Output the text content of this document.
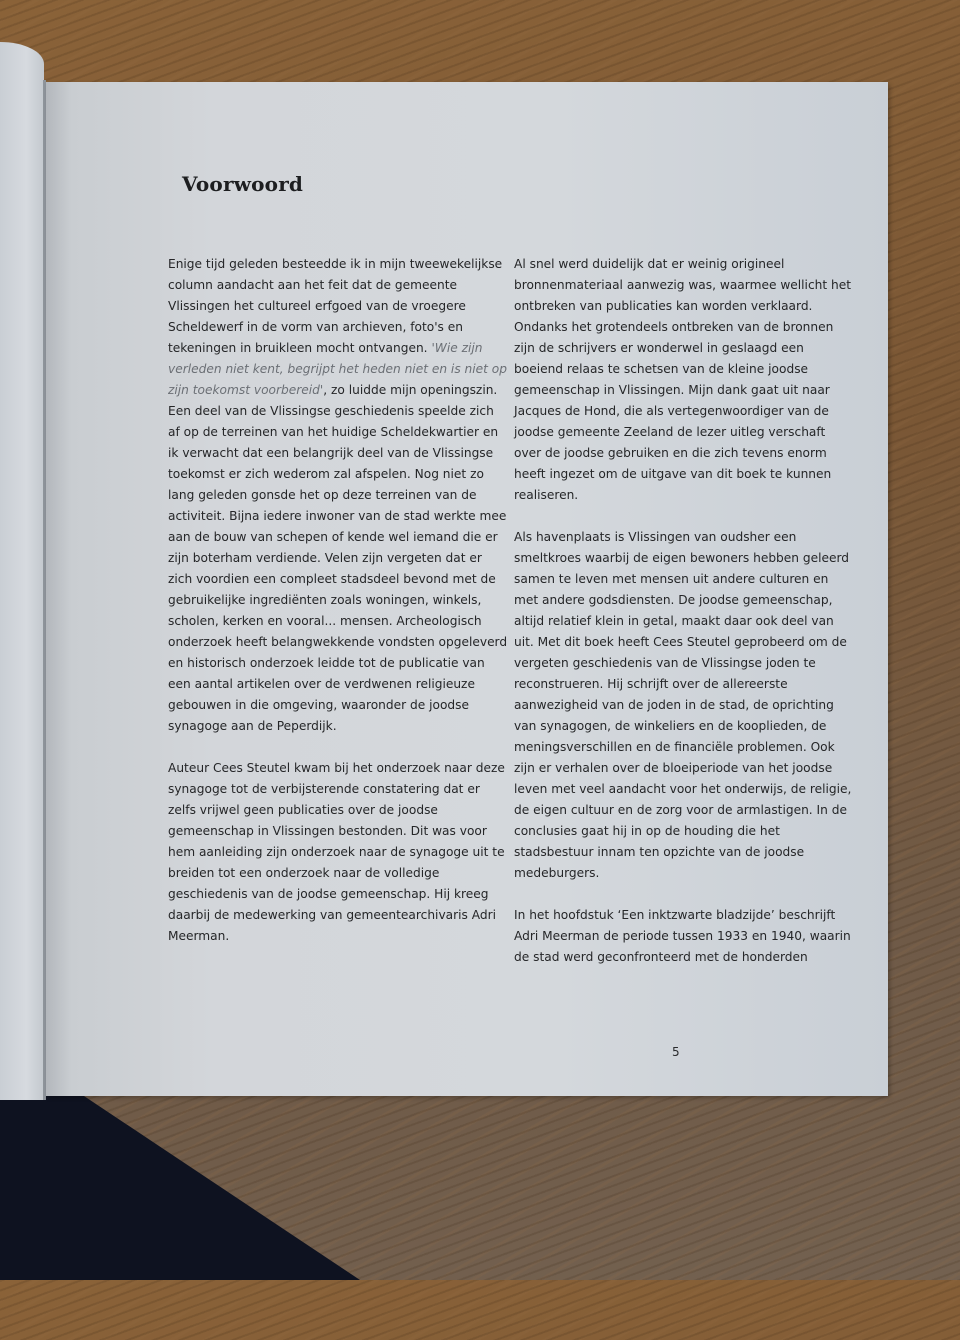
Voorwoord

Enige tijd geleden besteedde ik in mijn tweewekelijkse column aandacht aan het feit dat de gemeente Vlissingen het cultureel erfgoed van de vroegere Scheldewerf in de vorm van archieven, foto's en tekeningen in bruikleen mocht ontvangen. 'Wie zijn verleden niet kent, begrijpt het heden niet en is niet op zijn toekomst voorbereid', zo luidde mijn openingszin. Een deel van de Vlissingse geschiedenis speelde zich af op de terreinen van het huidige Scheldekwartier en ik verwacht dat een belangrijk deel van de Vlissingse toekomst er zich wederom zal afspelen. Nog niet zo lang geleden gonsde het op deze terreinen van de activiteit. Bijna iedere inwoner van de stad werkte mee aan de bouw van schepen of kende wel iemand die er zijn boterham verdiende. Velen zijn vergeten dat er zich voordien een compleet stadsdeel bevond met de gebruikelijke ingrediënten zoals woningen, winkels, scholen, kerken en vooral... mensen. Archeologisch onderzoek heeft belangwekkende vondsten opgeleverd en historisch onderzoek leidde tot de publicatie van een aantal artikelen over de verdwenen religieuze gebouwen in die omgeving, waaronder de joodse synagoge aan de Peperdijk.

Auteur Cees Steutel kwam bij het onderzoek naar deze synagoge tot de verbijsterende constatering dat er zelfs vrijwel geen publicaties over de joodse gemeenschap in Vlissingen bestonden. Dit was voor hem aanleiding zijn onderzoek naar de synagoge uit te breiden tot een onderzoek naar de volledige geschiedenis van de joodse gemeenschap. Hij kreeg daarbij de medewerking van gemeentearchivaris Adri Meerman.

Al snel werd duidelijk dat er weinig origineel bronnenmateriaal aanwezig was, waarmee wellicht het ontbreken van publicaties kan worden verklaard. Ondanks het grotendeels ontbreken van de bronnen zijn de schrijvers er wonderwel in geslaagd een boeiend relaas te schetsen van de kleine joodse gemeenschap in Vlissingen. Mijn dank gaat uit naar Jacques de Hond, die als vertegenwoordiger van de joodse gemeente Zeeland de lezer uitleg verschaft over de joodse gebruiken en die zich tevens enorm heeft ingezet om de uitgave van dit boek te kunnen realiseren.

Als havenplaats is Vlissingen van oudsher een smeltkroes waarbij de eigen bewoners hebben geleerd samen te leven met mensen uit andere culturen en met andere godsdiensten. De joodse gemeenschap, altijd relatief klein in getal, maakt daar ook deel van uit. Met dit boek heeft Cees Steutel geprobeerd om de vergeten geschiedenis van de Vlissingse joden te reconstrueren. Hij schrijft over de allereerste aanwezigheid van de joden in de stad, de oprichting van synagogen, de winkeliers en de kooplieden, de meningsverschillen en de financiële problemen. Ook zijn er verhalen over de bloeiperiode van het joodse leven met veel aandacht voor het onderwijs, de religie, de eigen cultuur en de zorg voor de armlastigen. In de conclusies gaat hij in op de houding die het stadsbestuur innam ten opzichte van de joodse medeburgers.

In het hoofdstuk ‘Een inktzwarte bladzijde’ beschrijft Adri Meerman de periode tussen 1933 en 1940, waarin de stad werd geconfronteerd met de honderden

5
